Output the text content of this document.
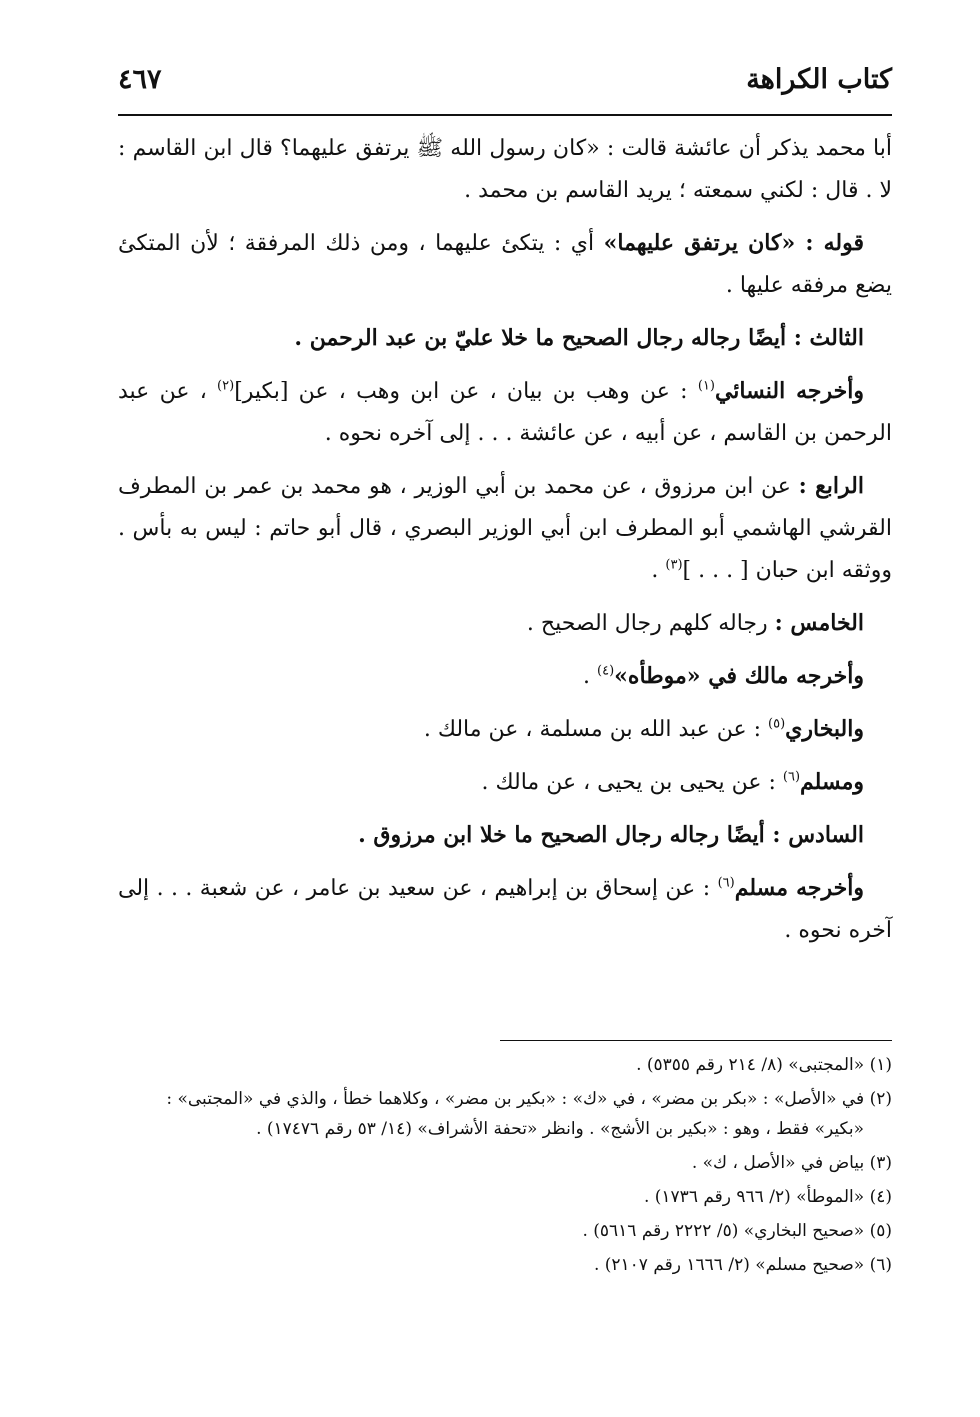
كتاب الكراهة
٤٦٧

أبا محمد يذكر أن عائشة قالت : «كان رسول الله ﷺ يرتفق عليهما؟ قال ابن القاسم : لا . قال : لكني سمعته ؛ يريد القاسم بن محمد .

قوله : «كان يرتفق عليهما» أي : يتكئ عليهما ، ومن ذلك المرفقة ؛ لأن المتكئ يضع مرفقه عليها .

الثالث : أيضًا رجاله رجال الصحيح ما خلا عليّ بن عبد الرحمن .

وأخرجه النسائي$^{(١)}$ : عن وهب بن بيان ، عن ابن وهب ، عن [بكير]$^{(٢)}$ ، عن عبد الرحمن بن القاسم ، عن أبيه ، عن عائشة . . . إلى آخره نحوه .

الرابع : عن ابن مرزوق ، عن محمد بن أبي الوزير ، هو محمد بن عمر بن المطرف القرشي الهاشمي أبو المطرف ابن أبي الوزير البصري ، قال أبو حاتم : ليس به بأس . ووثقه ابن حبان [ . . . ]$^{(٣)}$ .

الخامس : رجاله كلهم رجال الصحيح .

وأخرجه مالك في «موطأه»$^{(٤)}$ .

والبخاري$^{(٥)}$ : عن عبد الله بن مسلمة ، عن مالك .

ومسلم$^{(٦)}$ : عن يحيى بن يحيى ، عن مالك .

السادس : أيضًا رجاله رجال الصحيح ما خلا ابن مرزوق .

وأخرجه مسلم$^{(٦)}$ : عن إسحاق بن إبراهيم ، عن سعيد بن عامر ، عن شعبة . . . إلى آخره نحوه .

(١) «المجتبى» (٨/ ٢١٤ رقم ٥٣٥٥) .
(٢) في «الأصل» : «بكر بن مضر» ، في «ك» : «بكير بن مضر» ، وكلاهما خطأ ، والذي في «المجتبى» :
«بكير» فقط ، وهو : «بكير بن الأشج» . وانظر «تحفة الأشراف» (١٤/ ٥٣ رقم ١٧٤٧٦) .
(٣) بياض في «الأصل ، ك» .
(٤) «الموطأ» (٢/ ٩٦٦ رقم ١٧٣٦) .
(٥) «صحيح البخاري» (٥/ ٢٢٢٢ رقم ٥٦١٦) .
(٦) «صحيح مسلم» (٢/ ١٦٦٦ رقم ٢١٠٧) .
